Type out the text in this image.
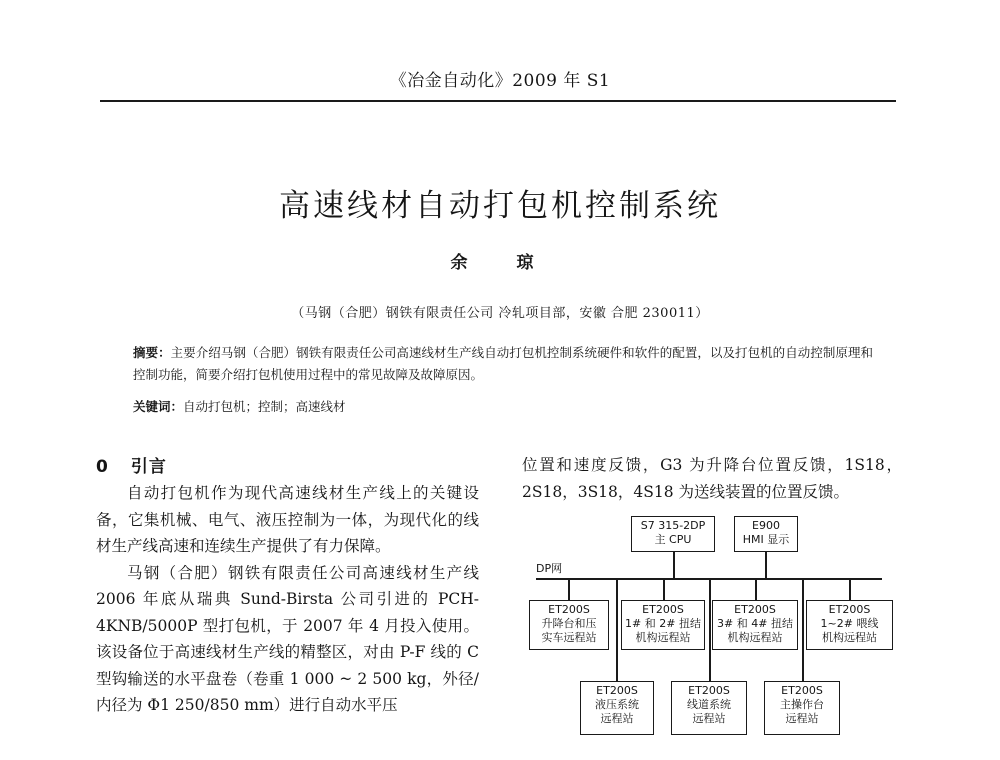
《冶金自动化》2009 年 S1
高速线材自动打包机控制系统
余　琼
（马钢（合肥）钢铁有限责任公司 冷轧项目部，安徽 合肥 230011）
摘要：主要介绍马钢（合肥）钢铁有限责任公司高速线材生产线自动打包机控制系统硬件和软件的配置，以及打包机的自动控制原理和控制功能，简要介绍打包机使用过程中的常见故障及故障原因。
关键词：自动打包机；控制；高速线材
0 引言

自动打包机作为现代高速线材生产线上的关键设备，它集机械、电气、液压控制为一体，为现代化的线材生产线高速和连续生产提供了有力保障。

马钢（合肥）钢铁有限责任公司高速线材生产线 2006 年底从瑞典 Sund-Birsta 公司引进的 PCH-4KNB/5000P 型打包机，于 2007 年 4 月投入使用。该设备位于高速线材生产线的精整区，对由 P-F 线的 C 型钩输送的水平盘卷（卷重 1 000 ~ 2 500 kg，外径/内径为 Φ1 250/850 mm）进行自动水平压

位置和速度反馈，G3 为升降台位置反馈，1S18，2S18，3S18，4S18 为送线装置的位置反馈。

S7 315-2DP
主 CPU
E900
HMI 显示
DP网
ET200S
升降台和压
实车远程站
ET200S
1# 和 2# 扭结
机构远程站
ET200S
3# 和 4# 扭结
机构远程站
ET200S
1~2# 喂线
机构远程站
ET200S
液压系统
远程站
ET200S
线道系统
远程站
ET200S
主操作台
远程站
